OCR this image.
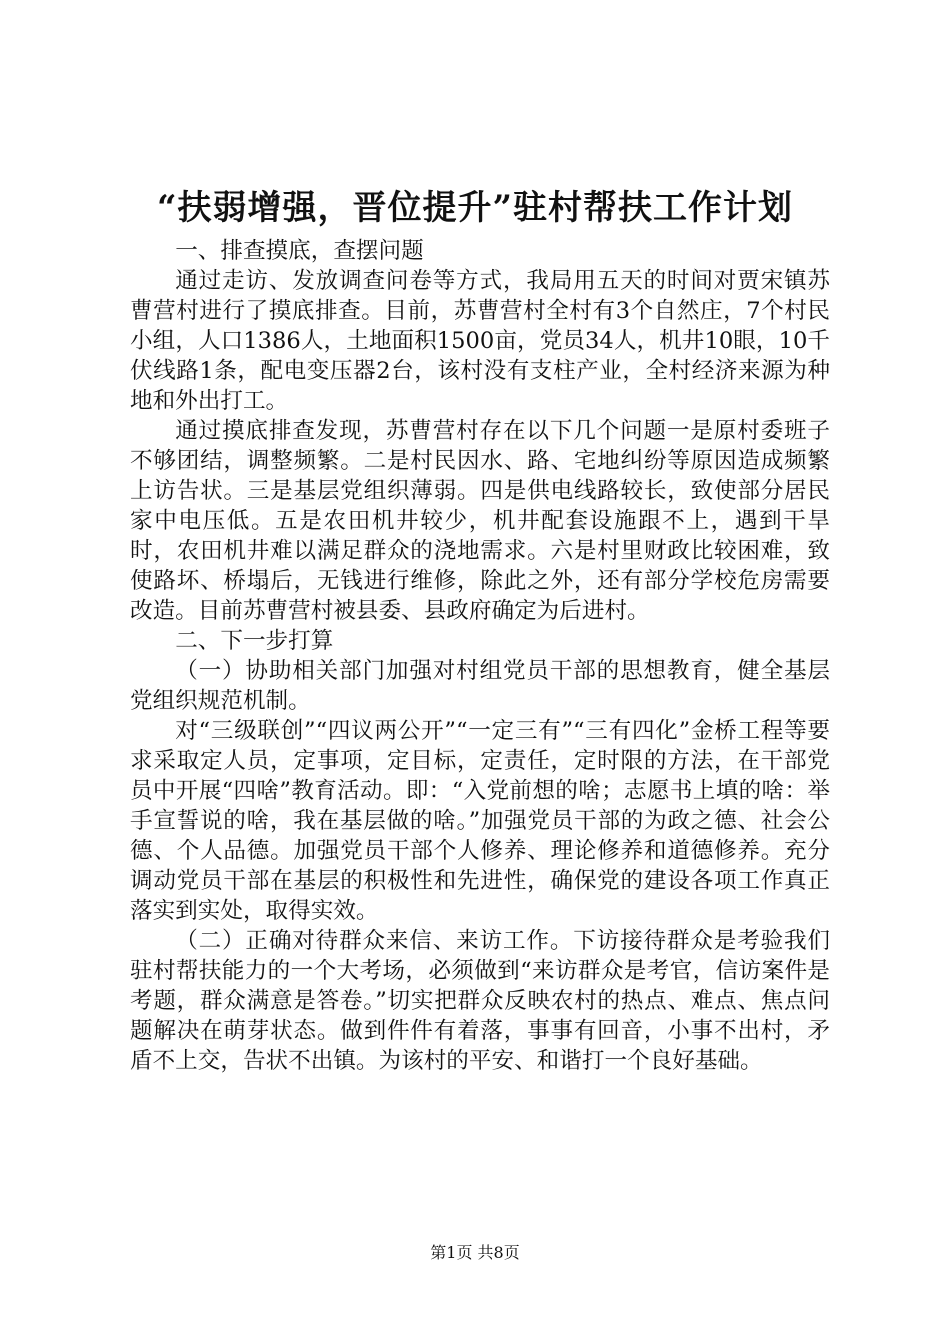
“扶弱增强，晋位提升”驻村帮扶工作计划

一、排查摸底，查摆问题

通过走访、发放调查问卷等方式，我局用五天的时间对贾宋镇苏曹营村进行了摸底排查。目前，苏曹营村全村有3个自然庄，7个村民小组，人口1386人，土地面积1500亩，党员34人，机井10眼，10千伏线路1条，配电变压器2台，该村没有支柱产业，全村经济来源为种地和外出打工。

通过摸底排查发现，苏曹营村存在以下几个问题一是原村委班子不够团结，调整频繁。二是村民因水、路、宅地纠纷等原因造成频繁上访告状。三是基层党组织薄弱。四是供电线路较长，致使部分居民家中电压低。五是农田机井较少，机井配套设施跟不上，遇到干旱时，农田机井难以满足群众的浇地需求。六是村里财政比较困难，致使路坏、桥塌后，无钱进行维修，除此之外，还有部分学校危房需要改造。目前苏曹营村被县委、县政府确定为后进村。

二、下一步打算

（一）协助相关部门加强对村组党员干部的思想教育，健全基层党组织规范机制。

对“三级联创”“四议两公开”“一定三有”“三有四化”金桥工程等要求采取定人员，定事项，定目标，定责任，定时限的方法，在干部党员中开展“四啥”教育活动。即：“入党前想的啥；志愿书上填的啥：举手宣誓说的啥，我在基层做的啥。”加强党员干部的为政之德、社会公德、个人品德。加强党员干部个人修养、理论修养和道德修养。充分调动党员干部在基层的积极性和先进性，确保党的建设各项工作真正落实到实处，取得实效。

（二）正确对待群众来信、来访工作。下访接待群众是考验我们驻村帮扶能力的一个大考场，必须做到“来访群众是考官，信访案件是考题，群众满意是答卷。”切实把群众反映农村的热点、难点、焦点问题解决在萌芽状态。做到件件有着落，事事有回音，小事不出村，矛盾不上交，告状不出镇。为该村的平安、和谐打一个良好基础。

第1页 共8页
